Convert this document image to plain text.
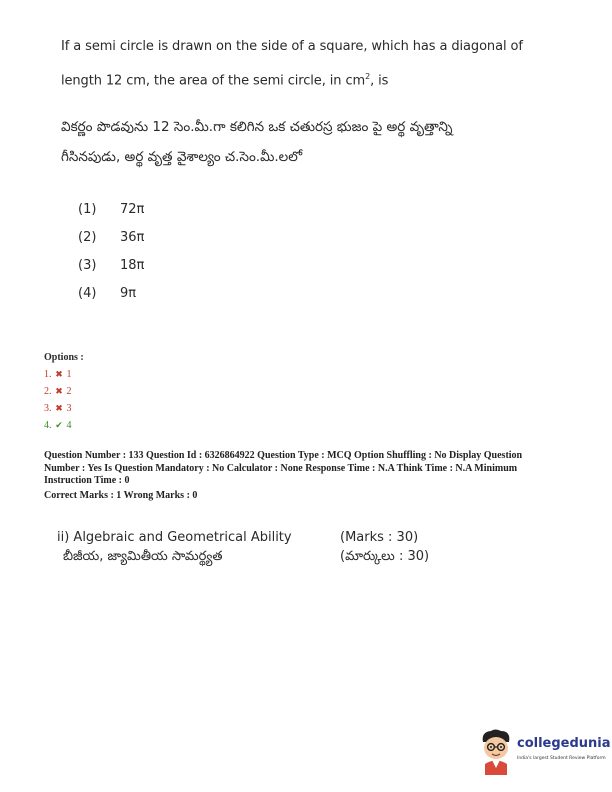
If a semi circle is drawn on the side of a square, which has a diagonal of
length 12 cm, the area of the semi circle, in $cm^2$, is
వికర్ణం పొడవును 12 సెం.మీ.గా కలిగిన ఒక చతురస్ర భుజం పై అర్థ వృత్తాన్ని
గీసినపుడు, అర్థ వృత్త వైశాల్యం చ.సెం.మీ.లలో
(1) 72π
(2) 36π
(3) 18π
(4) 9π
Options :
1. ✖ 1
2. ✖ 2
3. ✖ 3
4. ✔ 4

Question Number : 133 Question Id : 6326864922 Question Type : MCQ Option Shuffling : No Display Question

Number : Yes Is Question Mandatory : No Calculator : None Response Time : N.A Think Time : N.A Minimum

Instruction Time : 0

Correct Marks : 1 Wrong Marks : 0
ii) Algebraic and Geometrical Ability	(Marks : 30)
బీజీయ, జ్యామితీయ సామర్థ్యత	(మార్కులు : 30)
collegedunia
India's largest Student Review Platform
